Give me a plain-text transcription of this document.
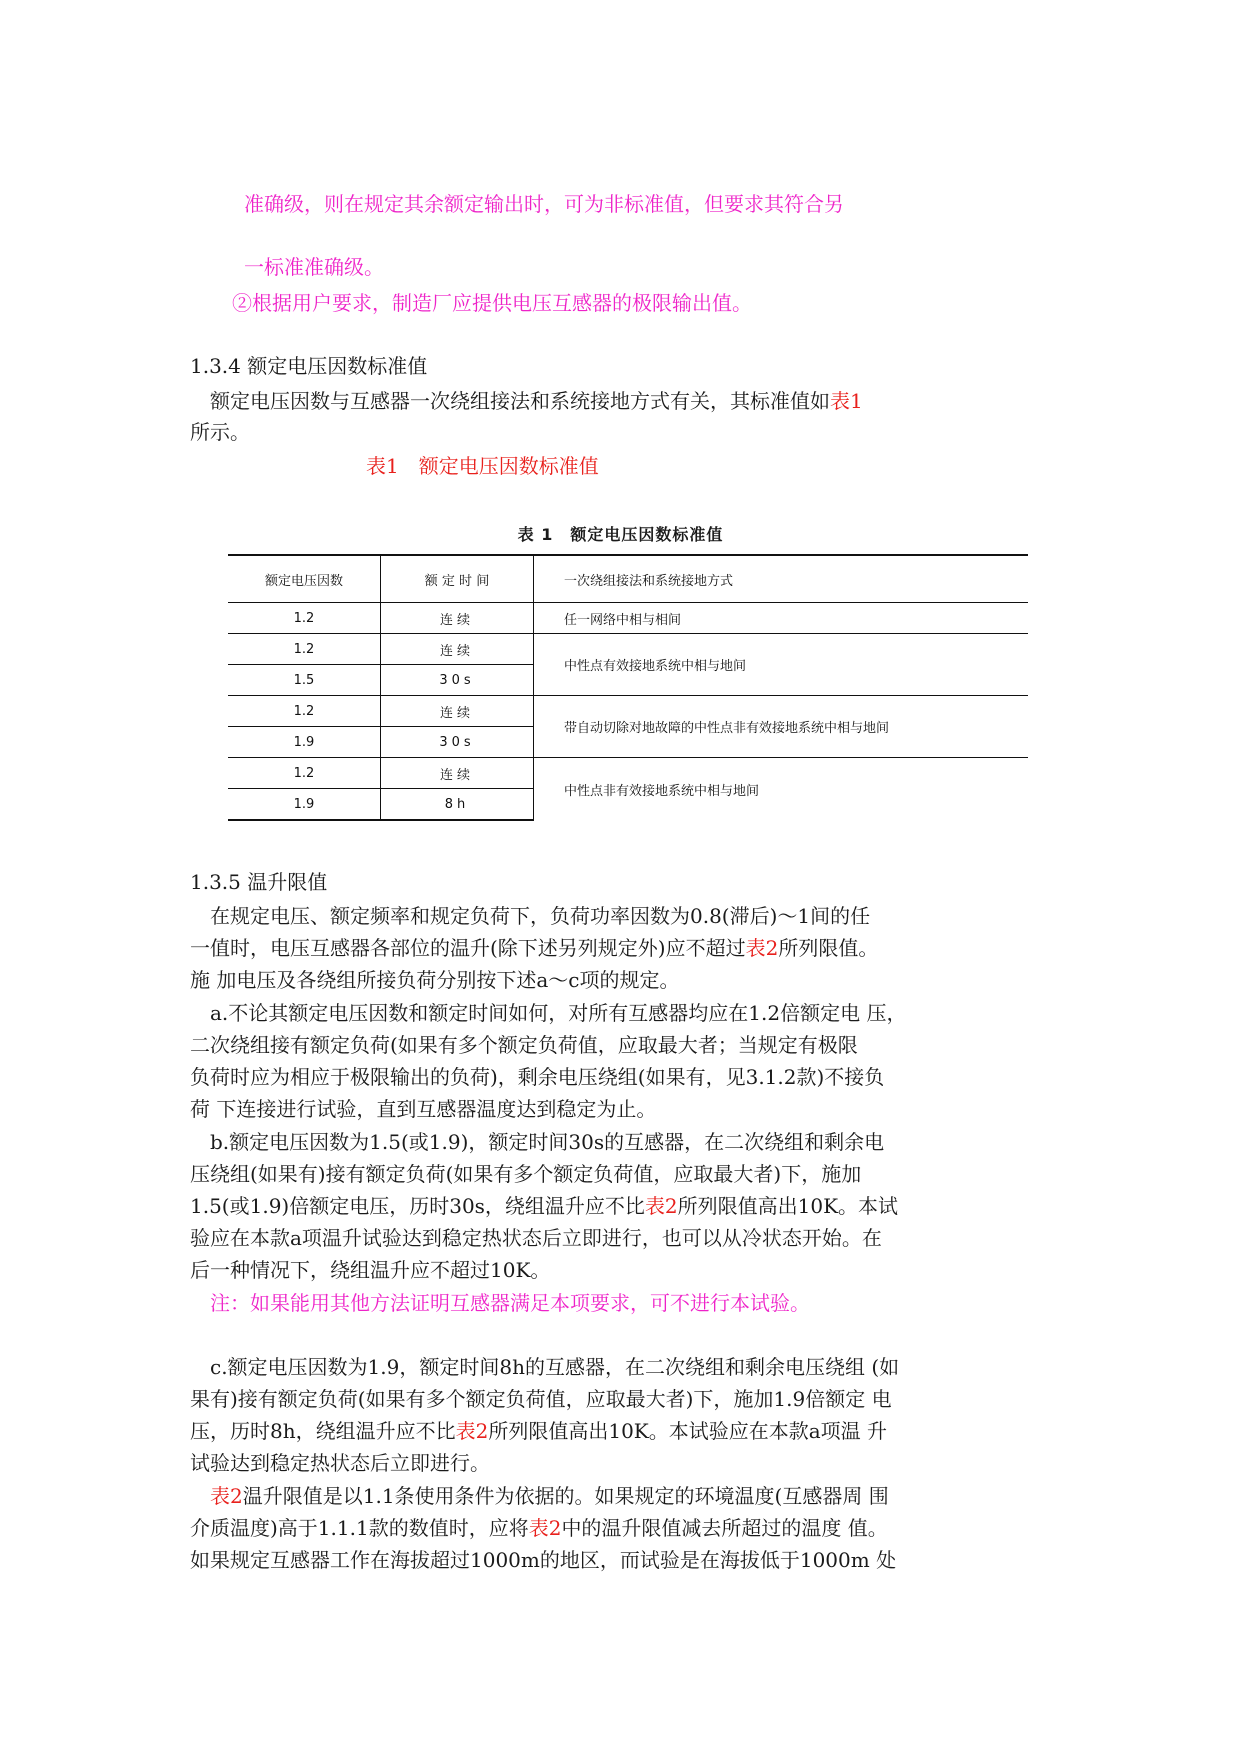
准确级，则在规定其余额定输出时，可为非标准值，但要求其符合另
一标准准确级。
②根据用户要求，制造厂应提供电压互感器的极限输出值。
1.3.4 额定电压因数标准值
额定电压因数与互感器一次绕组接法和系统接地方式有关，其标准值如表1
所示。
表1　额定电压因数标准值
表 1　额定电压因数标准值
额定电压因数	额 定 时 间	一次绕组接法和系统接地方式
1.2	连续	任一网络中相与相间
1.2	连续	中性点有效接地系统中相与地间
1.5	30s	
1.2	连续	带自动切除对地故障的中性点非有效接地系统中相与地间
1.9	30s	
1.2	连续	中性点非有效接地系统中相与地间
1.9	8h	
1.3.5 温升限值
在规定电压、额定频率和规定负荷下，负荷功率因数为0.8(滞后)～1间的任
一值时，电压互感器各部位的温升(除下述另列规定外)应不超过表2所列限值。
施 加电压及各绕组所接负荷分别按下述a～c项的规定。
a.不论其额定电压因数和额定时间如何，对所有互感器均应在1.2倍额定电 压，
二次绕组接有额定负荷(如果有多个额定负荷值，应取最大者；当规定有极限
负荷时应为相应于极限输出的负荷)，剩余电压绕组(如果有，见3.1.2款)不接负
荷 下连接进行试验，直到互感器温度达到稳定为止。
b.额定电压因数为1.5(或1.9)，额定时间30s的互感器，在二次绕组和剩余电
压绕组(如果有)接有额定负荷(如果有多个额定负荷值，应取最大者)下，施加
1.5(或1.9)倍额定电压，历时30s，绕组温升应不比表2所列限值高出10K。本试
验应在本款a项温升试验达到稳定热状态后立即进行，也可以从冷状态开始。在
后一种情况下，绕组温升应不超过10K。
注：如果能用其他方法证明互感器满足本项要求，可不进行本试验。
c.额定电压因数为1.9，额定时间8h的互感器，在二次绕组和剩余电压绕组 (如
果有)接有额定负荷(如果有多个额定负荷值，应取最大者)下，施加1.9倍额定 电
压，历时8h，绕组温升应不比表2所列限值高出10K。本试验应在本款a项温 升
试验达到稳定热状态后立即进行。
表2温升限值是以1.1条使用条件为依据的。如果规定的环境温度(互感器周 围
介质温度)高于1.1.1款的数值时，应将表2中的温升限值减去所超过的温度 值。
如果规定互感器工作在海拔超过1000m的地区，而试验是在海拔低于1000m 处
